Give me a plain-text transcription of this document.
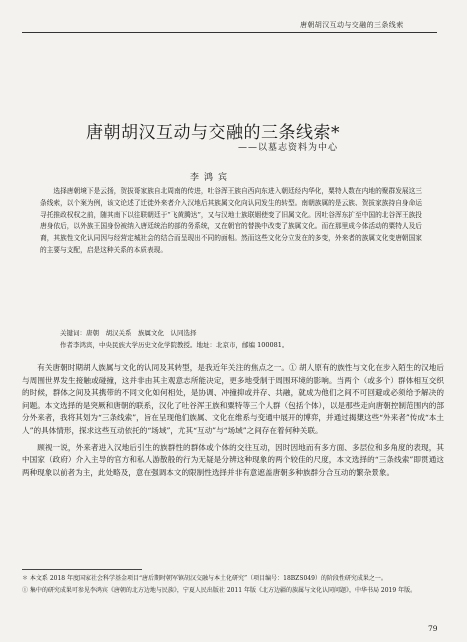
唐朝胡汉互动与交融的三条线索
唐朝胡汉互动与交融的三条线索*
——以墓志资料为中心
李鸿宾

选择唐朝境下是云扬，贺拔哥家族自北周南的传进，吐谷浑王族自西向东进入朝廷经内华化，粟特人数在内地的聚群发展这三条线索，以个案为例，该文论述了迁徙外来者介入汉地后其族属文化向认同发生的转型。南朝族属的是云族、贺拔家族持自身命运寻托推政权权之前，随其南下以往联朝廷于“飞黄腾达”，又与汉地士族联姻使变了旧属文化。因吐谷浑东扩至中国的北谷浑王族投唐身依后，以外族王国身份被纳入唐廷统治的部的务系统，又在朝官的替换中改变了族属文化。而在那里成今体活动的粟特人及后裔，其族性文化认同因与经营定城社会的结合而呈现出不同的面相。然而这些文化分立发在的多变，外来者的族属文化变唐朝国家的主要与支配，启是这种关系的本质表现。

关键词：唐朝　胡汉关系　族属文化　认同选择
作者李鸿宾，中央民族大学历史文化学院教授。地址：北京市，邮编 100081。

有关唐朝时期胡人族属与文化的认同及其转型，是我近年关注的焦点之一。① 胡人原有的族性与文化在步入陌生的汉地后与周围世界发生接触或碰撞，这并非由其主观意志所能决定，更多地受制于周围环境的影响。当两个（或多个）群体相互交织的时候，群体之间及其携带的不同文化如何相处，是协调、冲撞抑或并存、共融，就成为他们之间不可回避或必须给予解决的问题。本文选择的是突厥和唐朝的联系，汉化了吐谷浑王族和粟特等三个人群（包括个体），以是那些走向唐朝控制范围内的部分外来者，我将其划为“三条线索”，旨在呈现他们族属、文化在维系与变通中展开的博弈，并通过揭橥这些“外来者”传成“本土人”的具体情形，探求这些互动依托的“场域”，尤其“互动”与“场域”之间存在着何种关联。

顾视一说，外来者进入汉地后引生的族群性的群体或个体的交往互动，因时因地而有多方面、多层位和多角度的表现，其中国家（政府）介入主导的官方和私人游散般的行为无疑是分辨这种现象的两个较佳的尺度，本文选择的“三条线索”即贯通这两种现象以前者为主，此处略及，意在强调本文的限制性选择并非有意遮盖唐朝多种族群分合互动的繁杂景象。

＊ 本文系 2018 年度国家社会科学基金项目“唐后期时朝军镇胡汉交融与本土化研究”（项目编号：18BZS049）的阶段性研究成果之一。

① 集中的研究成果可参见李鸿宾《唐朝的北方边地与民族》，宁夏人民出版社 2011 年版《北方边疆的族属与文化认同问题》，中华书局 2019 年版。

79
